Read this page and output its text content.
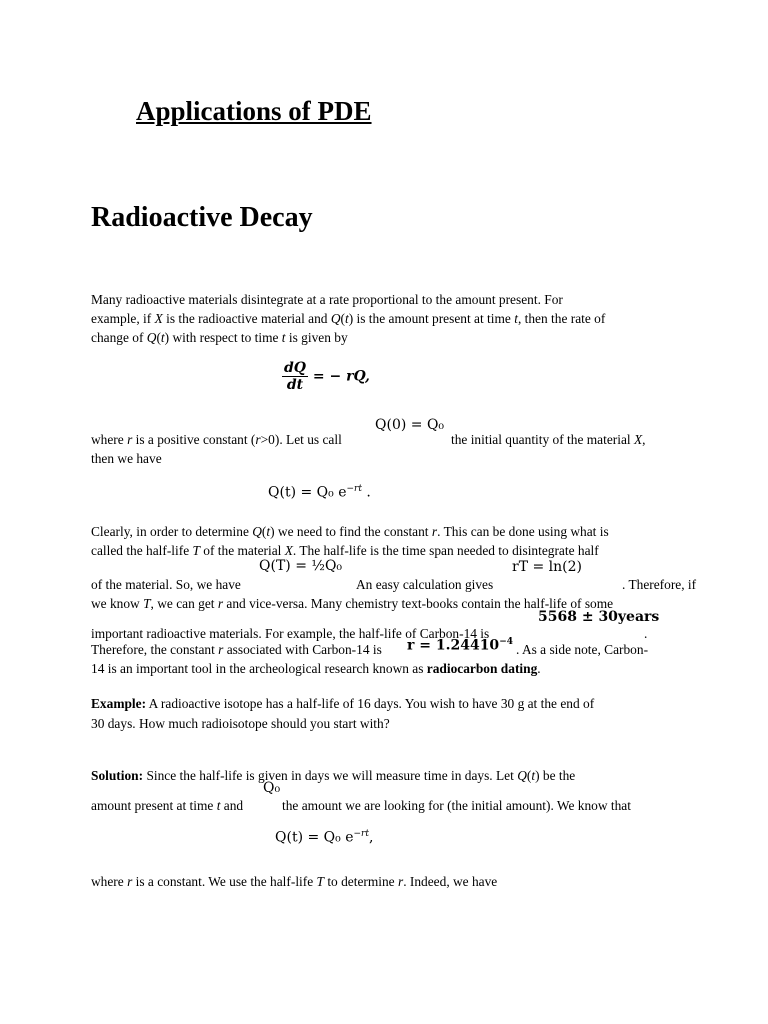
Applications of PDE
Radioactive Decay
Many radioactive materials disintegrate at a rate proportional to the amount present. For
example, if X is the radioactive material and Q(t) is the amount present at time t, then the rate of
change of Q(t) with respect to time t is given by
$\frac{dQ}{dt}$ = − rQ,
where r is a positive constant (r>0). Let us call
Q(0) = Q₀
the initial quantity of the material X,
then we have
Q(t) = Q₀ $e^{-rt}$ .
Clearly, in order to determine Q(t) we need to find the constant r. This can be done using what is
called the half-life T of the material X. The half-life is the time span needed to disintegrate half
of the material. So, we have
Q(T) = ½Q₀
An easy calculation gives
rT = ln(2)
. Therefore, if
we know T, we can get r and vice-versa. Many chemistry text-books contain the half-life of some
important radioactive materials. For example, the half-life of Carbon-14 is
5568 ± 30years
.
Therefore, the constant r associated with Carbon-14 is $r = 1.24410^{-4}$ . As a side note, Carbon-
14 is an important tool in the archeological research known as radiocarbon dating.
Example: A radioactive isotope has a half-life of 16 days. You wish to have 30 g at the end of
30 days. How much radioisotope should you start with?
Solution: Since the half-life is given in days we will measure time in days. Let Q(t) be the
amount present at time t and
Q₀
the amount we are looking for (the initial amount). We know that
Q(t) = Q₀ $e^{-rt}$,
where r is a constant. We use the half-life T to determine r. Indeed, we have
